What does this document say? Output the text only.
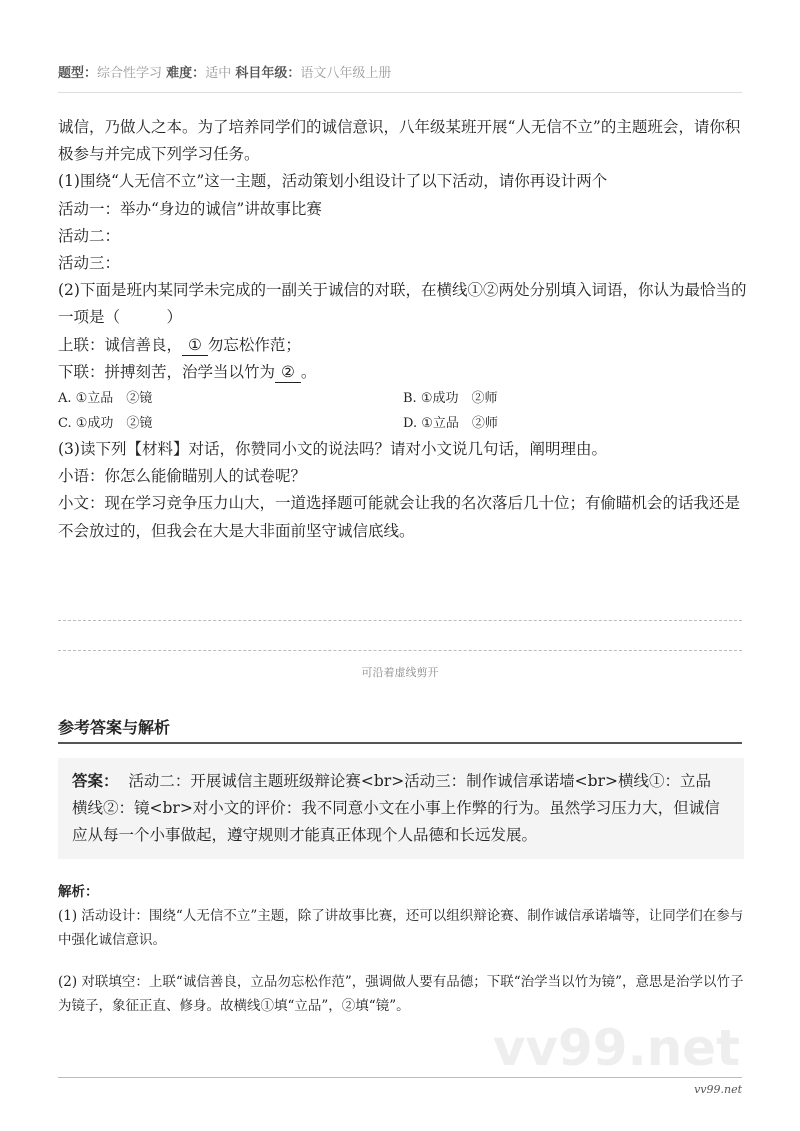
题型：综合性学习 难度：适中 科目年级：语文八年级上册

诚信，乃做人之本。为了培养同学们的诚信意识，八年级某班开展“人无信不立”的主题班会，请你积极参与并完成下列学习任务。

(1)围绕“人无信不立”这一主题，活动策划小组设计了以下活动，请你再设计两个

活动一：举办“身边的诚信”讲故事比赛

活动二：

活动三：

(2)下面是班内某同学未完成的一副关于诚信的对联，在横线①②两处分别填入词语，你认为最恰当的一项是（　　　）

上联：诚信善良， ① 勿忘松作范；

下联：拼搏刻苦，治学当以竹为 ② 。

A. ①立品　②镜	B. ①成功　②师
C. ①成功　②镜	D. ①立品　②师

(3)读下列【材料】对话，你赞同小文的说法吗？请对小文说几句话，阐明理由。

小语：你怎么能偷瞄别人的试卷呢？

小文：现在学习竞争压力山大，一道选择题可能就会让我的名次落后几十位；有偷瞄机会的话我还是不会放过的，但我会在大是大非面前坚守诚信底线。

可沿着虚线剪开
参考答案与解析
答案： 活动二：开展诚信主题班级辩论赛<br>活动三：制作诚信承诺墙<br>横线①：立品 横线②：镜<br>对小文的评价：我不同意小文在小事上作弊的行为。虽然学习压力大，但诚信应从每一个小事做起，遵守规则才能真正体现个人品德和长远发展。

解析：

(1) 活动设计：围绕“人无信不立”主题，除了讲故事比赛，还可以组织辩论赛、制作诚信承诺墙等，让同学们在参与中强化诚信意识。

(2) 对联填空：上联“诚信善良，立品勿忘松作范”，强调做人要有品德；下联“治学当以竹为镜”，意思是治学以竹子为镜子，象征正直、修身。故横线①填“立品”，②填“镜”。

vv99.net
vv99.net
